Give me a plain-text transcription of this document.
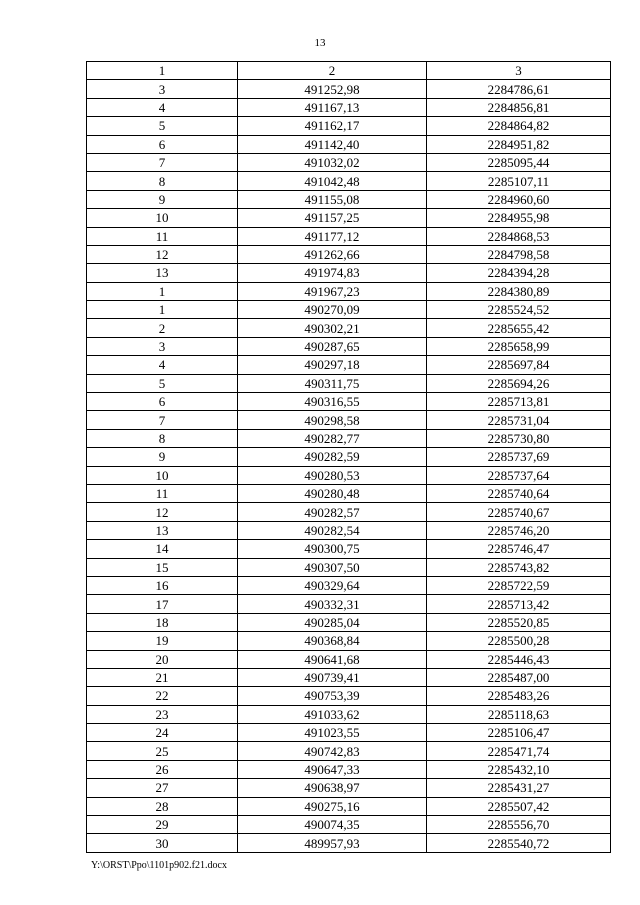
13
1	2	3
3	491252,98	2284786,61
4	491167,13	2284856,81
5	491162,17	2284864,82
6	491142,40	2284951,82
7	491032,02	2285095,44
8	491042,48	2285107,11
9	491155,08	2284960,60
10	491157,25	2284955,98
11	491177,12	2284868,53
12	491262,66	2284798,58
13	491974,83	2284394,28
1	491967,23	2284380,89
1	490270,09	2285524,52
2	490302,21	2285655,42
3	490287,65	2285658,99
4	490297,18	2285697,84
5	490311,75	2285694,26
6	490316,55	2285713,81
7	490298,58	2285731,04
8	490282,77	2285730,80
9	490282,59	2285737,69
10	490280,53	2285737,64
11	490280,48	2285740,64
12	490282,57	2285740,67
13	490282,54	2285746,20
14	490300,75	2285746,47
15	490307,50	2285743,82
16	490329,64	2285722,59
17	490332,31	2285713,42
18	490285,04	2285520,85
19	490368,84	2285500,28
20	490641,68	2285446,43
21	490739,41	2285487,00
22	490753,39	2285483,26
23	491033,62	2285118,63
24	491023,55	2285106,47
25	490742,83	2285471,74
26	490647,33	2285432,10
27	490638,97	2285431,27
28	490275,16	2285507,42
29	490074,35	2285556,70
30	489957,93	2285540,72
Y:\ORST\Ppo\1101p902.f21.docx
